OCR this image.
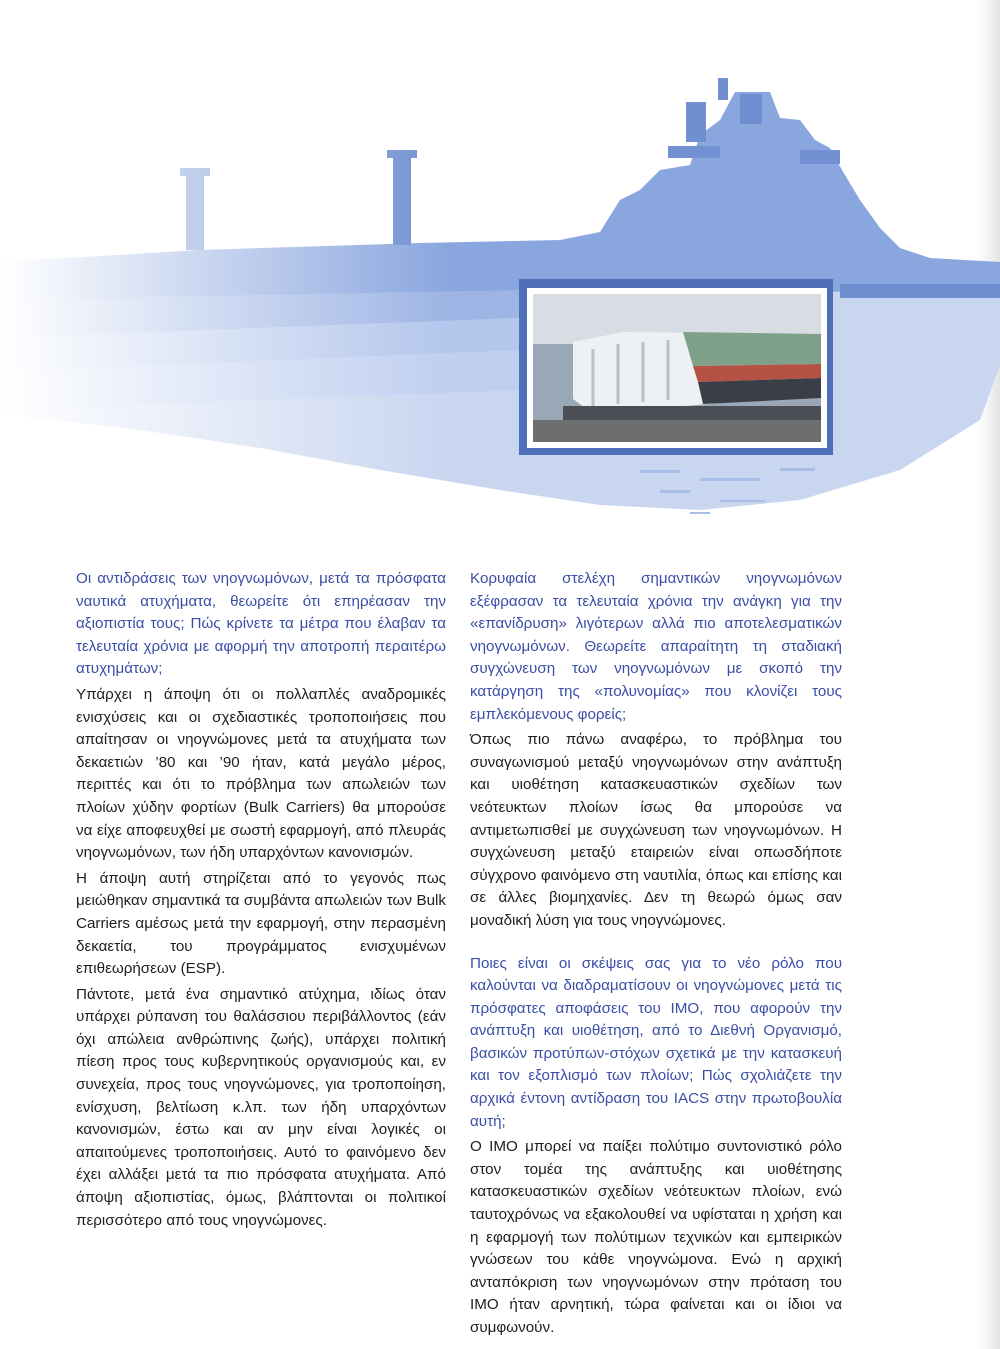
Οι αντιδράσεις των νηογνωμόνων, μετά τα πρόσφατα ναυτικά ατυχήματα, θεωρείτε ότι επηρέασαν την αξιοπιστία τους; Πώς κρίνετε τα μέτρα που έλαβαν τα τελευταία χρόνια με αφορμή την αποτροπή περαιτέρω ατυχημάτων;

Υπάρχει η άποψη ότι οι πολλαπλές αναδρομικές ενισχύσεις και οι σχεδιαστικές τροποποιήσεις που απαίτησαν οι νηογνώμονες μετά τα ατυχήματα των δεκαετιών ’80 και ’90 ήταν, κατά μεγάλο μέρος, περιττές και ότι το πρόβλημα των απωλειών των πλοίων χύδην φορτίων (Bulk Carriers) θα μπορούσε να είχε αποφευχθεί με σωστή εφαρμογή, από πλευράς νηογνωμόνων, των ήδη υπαρχόντων κανονισμών.

Η άποψη αυτή στηρίζεται από το γεγονός πως μειώθηκαν σημαντικά τα συμβάντα απωλειών των Bulk Carriers αμέσως μετά την εφαρμογή, στην περασμένη δεκαετία, του προγράμματος ενισχυμένων επιθεωρήσεων (ESP).

Πάντοτε, μετά ένα σημαντικό ατύχημα, ιδίως όταν υπάρχει ρύπανση του θαλάσσιου περιβάλλοντος (εάν όχι απώλεια ανθρώπινης ζωής), υπάρχει πολιτική πίεση προς τους κυβερνητικούς οργανισμούς και, εν συνεχεία, προς τους νηογνώμονες, για τροποποίηση, ενίσχυση, βελτίωση κ.λπ. των ήδη υπαρχόντων κανονισμών, έστω και αν μην είναι λογικές οι απαιτούμενες τροποποιήσεις. Αυτό το φαινόμενο δεν έχει αλλάξει μετά τα πιο πρόσφατα ατυχήματα. Από άποψη αξιοπιστίας, όμως, βλάπτονται οι πολιτικοί περισσότερο από τους νηογνώμονες.

Κορυφαία στελέχη σημαντικών νηογνωμόνων εξέφρασαν τα τελευταία χρόνια την ανάγκη για την «επανίδρυση» λιγότερων αλλά πιο αποτελεσματικών νηογνωμόνων. Θεωρείτε απαραίτητη τη σταδιακή συγχώνευση των νηογνωμόνων με σκοπό την κατάργηση της «πολυνομίας» που κλονίζει τους εμπλεκόμενους φορείς;

Όπως πιο πάνω αναφέρω, το πρόβλημα του συναγωνισμού μεταξύ νηογνωμόνων στην ανάπτυξη και υιοθέτηση κατασκευαστικών σχεδίων των νεότευκτων πλοίων ίσως θα μπορούσε να αντιμετωπισθεί με συγχώνευση των νηογνωμόνων. Η συγχώνευση μεταξύ εταιρειών είναι οπωσδήποτε σύγχρονο φαινόμενο στη ναυτιλία, όπως και επίσης και σε άλλες βιομηχανίες. Δεν τη θεωρώ όμως σαν μοναδική λύση για τους νηογνώμονες.

Ποιες είναι οι σκέψεις σας για το νέο ρόλο που καλούνται να διαδραματίσουν οι νηογνώμονες μετά τις πρόσφατες αποφάσεις του IMO, που αφορούν την ανάπτυξη και υιοθέτηση, από το Διεθνή Οργανισμό, βασικών προτύπων-στόχων σχετικά με την κατασκευή και τον εξοπλισμό των πλοίων; Πώς σχολιάζετε την αρχικά έντονη αντίδραση του IACS στην πρωτοβουλία αυτή;

Ο IMO μπορεί να παίξει πολύτιμο συντονιστικό ρόλο στον τομέα της ανάπτυξης και υιοθέτησης κατασκευαστικών σχεδίων νεότευκτων πλοίων, ενώ ταυτοχρόνως να εξακολουθεί να υφίσταται η χρήση και η εφαρμογή των πολύτιμων τεχνικών και εμπειρικών γνώσεων του κάθε νηογνώμονα. Ενώ η αρχική ανταπόκριση των νηογνωμόνων στην πρόταση του IMO ήταν αρνητική, τώρα φαίνεται και οι ίδιοι να συμφωνούν.
